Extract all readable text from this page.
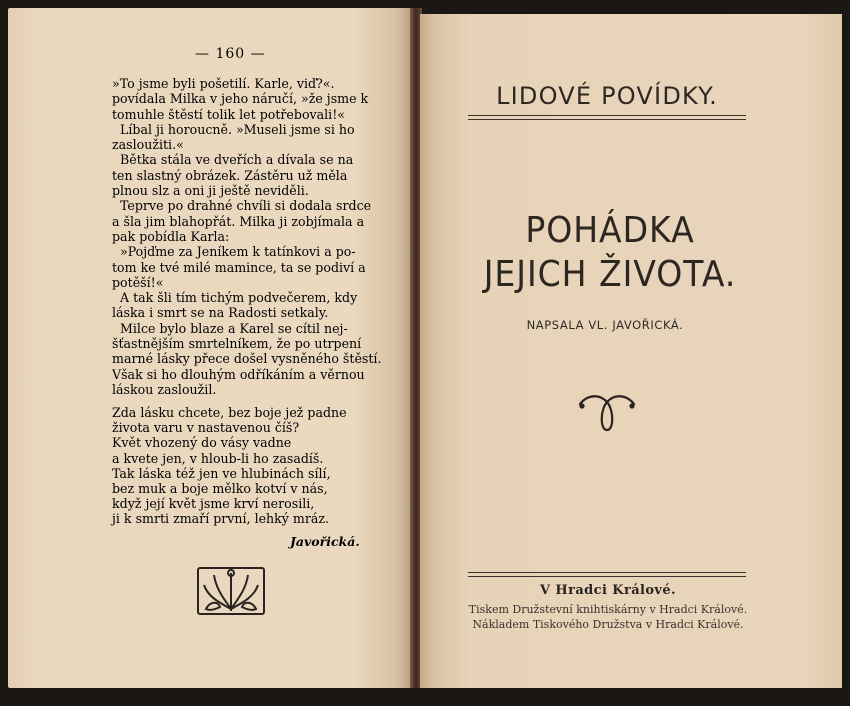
— 160 —
»To jsme byli pošetilí. Karle, viď?«.
povídala Milka v jeho náručí, »že jsme k
tomuhle štěstí tolik let potřebovali!«
Líbal ji horoucně. »Museli jsme si ho
zasloužiti.«
Bětka stála ve dveřích a dívala se na
ten slastný obrázek. Zástěru už měla
plnou slz a oni ji ještě neviděli.
Teprve po drahné chvíli si dodala srdce
a šla jim blahopřát. Milka ji zobjímala a
pak pobídla Karla:
»Pojďme za Jeníkem k tatínkovi a po-
tom ke tvé milé mamince, ta se podiví a
potěší!«
A tak šli tím tichým podvečerem, kdy
láska i smrt se na Radosti setkaly.
Milce bylo blaze a Karel se cítil nej-
šťastnějším smrtelníkem, že po utrpení
marné lásky přece došel vysněného štěstí.
Však si ho dlouhým odříkáním a věrnou
láskou zasloužil.
Zda lásku chcete, bez boje jež padne
života varu v nastavenou číš?
Květ vhozený do vásy vadne
a kvete jen, v hloub-li ho zasadíš.
Tak láska též jen ve hlubinách sílí,
bez muk a boje mělko kotví v nás,
když její květ jsme krví nerosili,
ji k smrti zmaří první, lehký mráz.
Javořická.
LIDOVÉ POVÍDKY.
POHÁDKA
JEJICH ŽIVOTA.
NAPSALA VL. JAVOŘICKÁ.
V Hradci Králové.
Tiskem Družstevní knihtiskárny v Hradci Králové.
Nákladem Tiskového Družstva v Hradci Králové.
